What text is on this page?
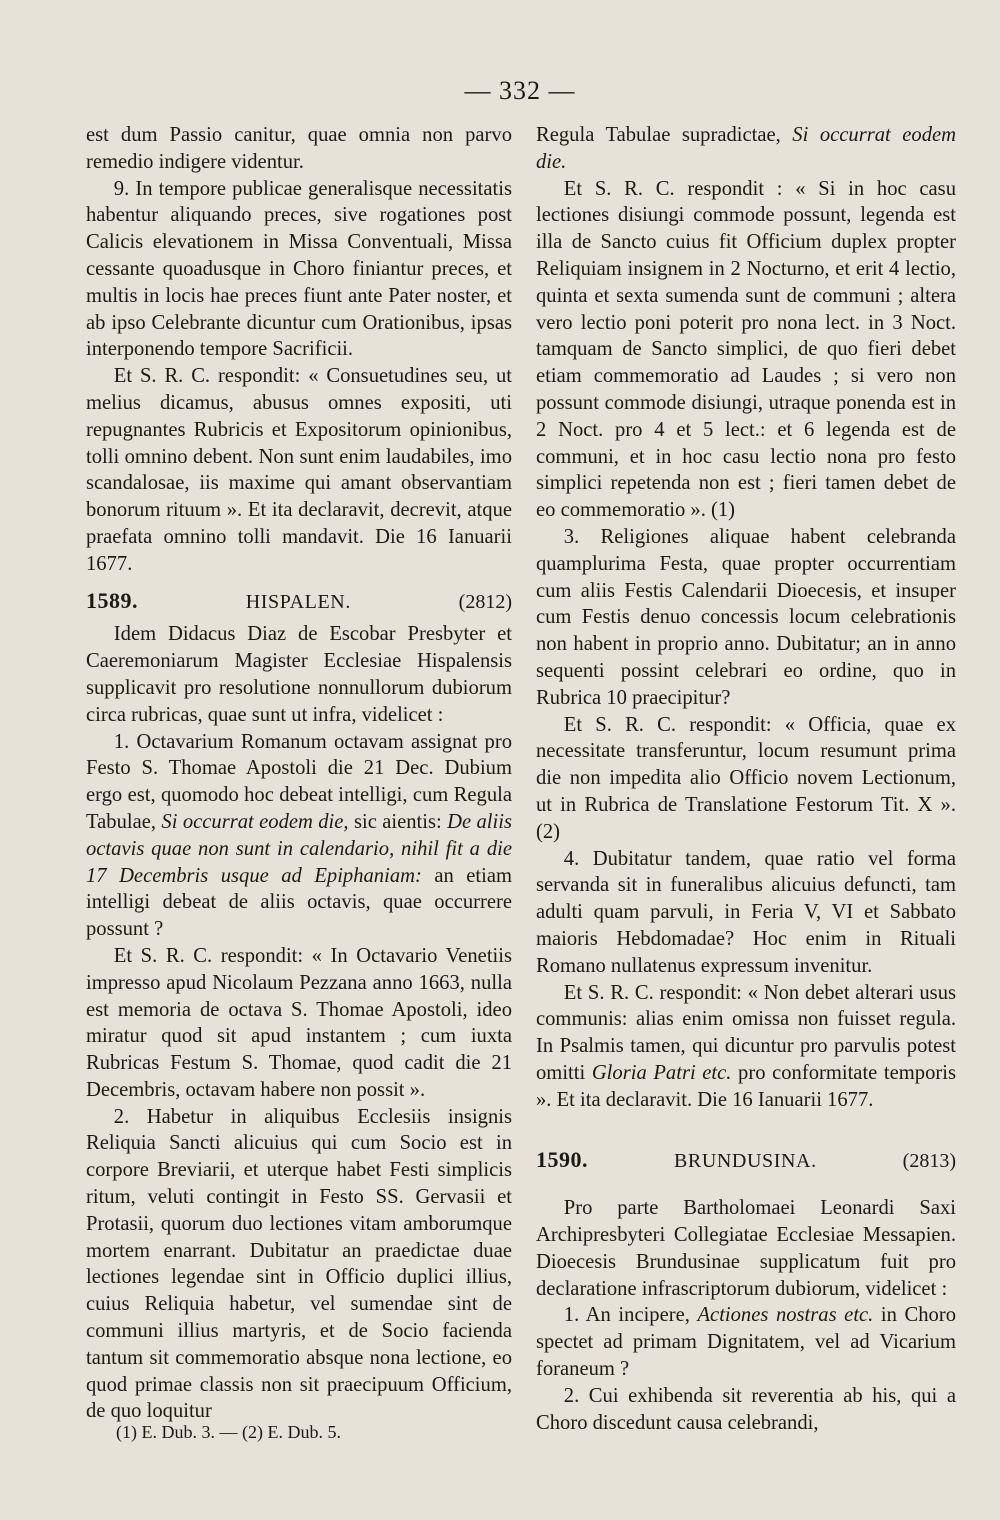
— 332 —

est dum Passio canitur, quae omnia non parvo remedio indigere videntur.

9. In tempore publicae generalisque necessitatis habentur aliquando preces, sive rogationes post Calicis elevationem in Missa Conventuali, Missa cessante quoadusque in Choro finiantur preces, et multis in locis hae preces fiunt ante Pater noster, et ab ipso Celebrante dicuntur cum Orationibus, ipsas interponendo tempore Sacrificii.

Et S. R. C. respondit: « Consuetudines seu, ut melius dicamus, abusus omnes expositi, uti repugnantes Rubricis et Expositorum opinionibus, tolli omnino debent. Non sunt enim laudabiles, imo scandalosae, iis maxime qui amant observantiam bonorum rituum ». Et ita declaravit, decrevit, atque praefata omnino tolli mandavit. Die 16 Ianuarii 1677.

1589.	HISPALEN.	(2812)

Idem Didacus Diaz de Escobar Presbyter et Caeremoniarum Magister Ecclesiae Hispalensis supplicavit pro resolutione nonnullorum dubiorum circa rubricas, quae sunt ut infra, videlicet :

1. Octavarium Romanum octavam assignat pro Festo S. Thomae Apostoli die 21 Dec. Dubium ergo est, quomodo hoc debeat intelligi, cum Regula Tabulae, Si occurrat eodem die, sic aientis: De aliis octavis quae non sunt in calendario, nihil fit a die 17 Decembris usque ad Epiphaniam: an etiam intelligi debeat de aliis octavis, quae occurrere possunt ?

Et S. R. C. respondit: « In Octavario Venetiis impresso apud Nicolaum Pezzana anno 1663, nulla est memoria de octava S. Thomae Apostoli, ideo miratur quod sit apud instantem ; cum iuxta Rubricas Festum S. Thomae, quod cadit die 21 Decembris, octavam habere non possit ».

2. Habetur in aliquibus Ecclesiis insignis Reliquia Sancti alicuius qui cum Socio est in corpore Breviarii, et uterque habet Festi simplicis ritum, veluti contingit in Festo SS. Gervasii et Protasii, quorum duo lectiones vitam amborumque mortem enarrant. Dubitatur an praedictae duae lectiones legendae sint in Officio duplici illius, cuius Reliquia habetur, vel sumendae sint de communi illius martyris, et de Socio facienda tantum sit commemoratio absque nona lectione, eo quod primae classis non sit praecipuum Officium, de quo loquitur

Regula Tabulae supradictae, Si occurrat eodem die.

Et S. R. C. respondit : « Si in hoc casu lectiones disiungi commode possunt, legenda est illa de Sancto cuius fit Officium duplex propter Reliquiam insignem in 2 Nocturno, et erit 4 lectio, quinta et sexta sumenda sunt de communi ; altera vero lectio poni poterit pro nona lect. in 3 Noct. tamquam de Sancto simplici, de quo fieri debet etiam commemoratio ad Laudes ; si vero non possunt commode disiungi, utraque ponenda est in 2 Noct. pro 4 et 5 lect.: et 6 legenda est de communi, et in hoc casu lectio nona pro festo simplici repetenda non est ; fieri tamen debet de eo commemoratio ». (1)

3. Religiones aliquae habent celebranda quamplurima Festa, quae propter occurrentiam cum aliis Festis Calendarii Dioecesis, et insuper cum Festis denuo concessis locum celebrationis non habent in proprio anno. Dubitatur; an in anno sequenti possint celebrari eo ordine, quo in Rubrica 10 praecipitur?

Et S. R. C. respondit: « Officia, quae ex necessitate transferuntur, locum resumunt prima die non impedita alio Officio novem Lectionum, ut in Rubrica de Translatione Festorum Tit. X ». (2)

4. Dubitatur tandem, quae ratio vel forma servanda sit in funeralibus alicuius defuncti, tam adulti quam parvuli, in Feria V, VI et Sabbato maioris Hebdomadae? Hoc enim in Rituali Romano nullatenus expressum invenitur.

Et S. R. C. respondit: « Non debet alterari usus communis: alias enim omissa non fuisset regula. In Psalmis tamen, qui dicuntur pro parvulis potest omitti Gloria Patri etc. pro conformitate temporis ». Et ita declaravit. Die 16 Ianuarii 1677.

1590.	BRUNDUSINA.	(2813)

Pro parte Bartholomaei Leonardi Saxi Archipresbyteri Collegiatae Ecclesiae Messapien. Dioecesis Brundusinae supplicatum fuit pro declaratione infrascriptorum dubiorum, videlicet :

1. An incipere, Actiones nostras etc. in Choro spectet ad primam Dignitatem, vel ad Vicarium foraneum ?

2. Cui exhibenda sit reverentia ab his, qui a Choro discedunt causa celebrandi,

(1) E. Dub. 3. — (2) E. Dub. 5.
